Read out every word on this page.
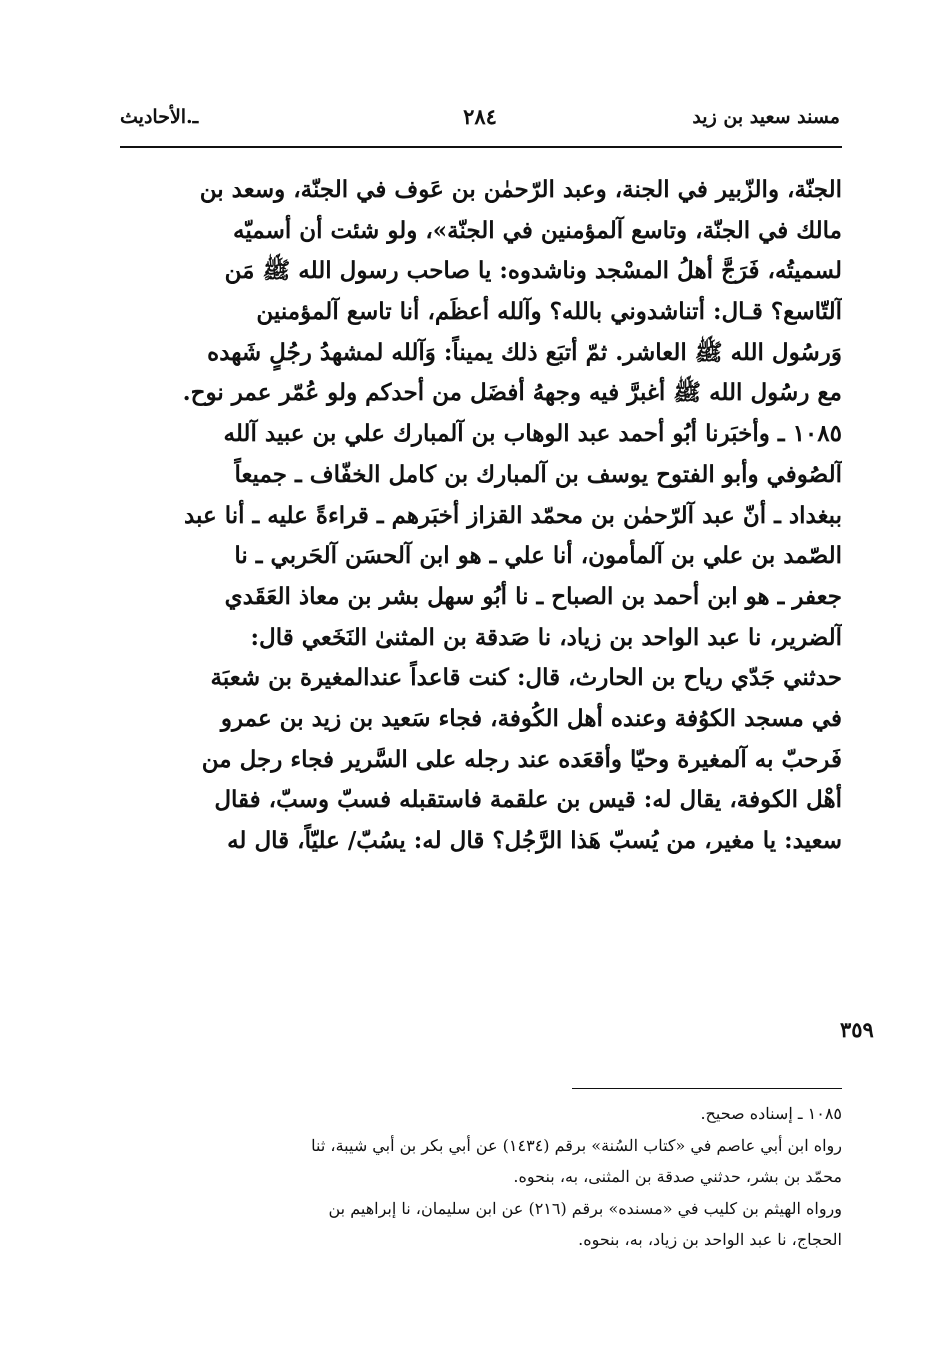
مسند سعيد بن زيد
٢٨٤
ـ.الأحاديث
الجنّة، والزّبير في الجنة، وعبد الرّحمٰن بن عَوف في الجنّة، وسعد بن
مالك في الجنّة، وتاسع آلمؤمنين في الجنّة»، ولو شئت أن أسميّه
لسميتُه، فَرَجَّ أهلُ المسْجد وناشدوه: يا صاحب رسول الله ﷺ مَن
آلتّاسع؟ قـال: أتناشدوني بالله؟ وآلله أعظَم، أنا تاسع آلمؤمنين
وَرسُول الله ﷺ العاشر. ثمّ أتبَع ذلك يميناً: وَآلله لمشهدُ رجُلٍ شَهده
مع رسُول الله ﷺ أغبرَّ فيه وجههُ أفضَل من أحدكم ولو عُمّر عمر نوح.
١٠٨٥ ـ وأخبَرنا أبُو أحمد عبد الوهاب بن آلمبارك علي بن عبيد آلله
آلصُوفي وأبو الفتوح يوسف بن آلمبارك بن كامل الخفّاف ـ جميعاً
ببغداد ـ أنّ عبد آلرّحمٰن بن محمّد القزاز أخبَرهم ـ قراءةً عليه ـ أنا عبد
الصّمد بن علي بن آلمأمون، أنا علي ـ هو ابن آلحسَن آلحَربي ـ نا
جعفر ـ هو ابن أحمد بن الصباح ـ نا أبُو سهل بشر بن معاذ العَقَدي
آلضرير، نا عبد الواحد بن زياد، نا صَدقة بن المثنىٰ النَخَعي قال:
حدثني جَدّي رياح بن الحارث، قال: كنت قاعداً عندالمغيرة بن شعبَة
في مسجد الكوُفة وعنده أهل الكُوفة، فجاء سَعيد بن زيد بن عمرو
فَرحبّ به آلمغيرة وحيّا وأقعَده عند رجله على السَّرير فجاء رجل من
أهْل الكوفة، يقال له: قيس بن علقمة فاستقبله فسبّ وسبّ، فقال
سعيد: يا مغير، من يُسبّ هَذا الرَّجُل؟ قال له: يسُبّ/ عليّاً، قال له
٣٥٩
١٠٨٥ ـ إسناده صحيح.
رواه ابن أبي عاصم في «كتاب السُنة» برقم (١٤٣٤) عن أبي بكر بن أبي شيبة، ثنا
محمّد بن بشر، حدثني صدقة بن المثنى، به، بنحوه.
ورواه الهيثم بن كليب في «مسنده» برقم (٢١٦) عن ابن سليمان، نا إبراهيم بن
الحجاج، نا عبد الواحد بن زياد، به، بنحوه.
